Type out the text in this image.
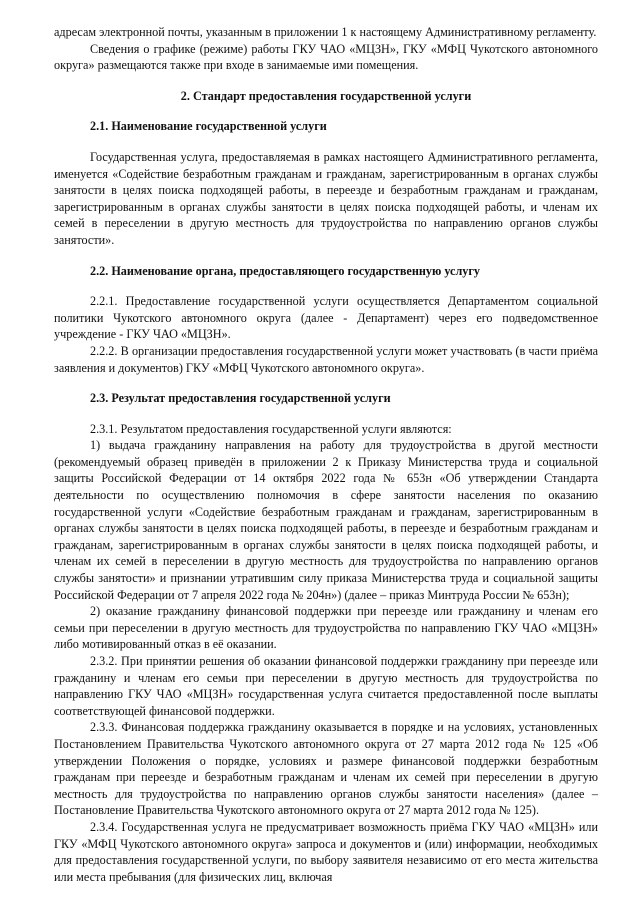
адресам электронной почты, указанным в приложении 1 к настоящему Административному регламенту.

Сведения о графике (режиме) работы ГКУ ЧАО «МЦЗН», ГКУ «МФЦ Чукотского автономного округа» размещаются также при входе в занимаемые ими помещения.

2. Стандарт предоставления государственной услуги

2.1. Наименование государственной услуги

Государственная услуга, предоставляемая в рамках настоящего Административного регламента, именуется «Содействие безработным гражданам и гражданам, зарегистрированным в органах службы занятости в целях поиска подходящей работы, в переезде и безработным гражданам и гражданам, зарегистрированным в органах службы занятости в целях поиска подходящей работы, и членам их семей в переселении в другую местность для трудоустройства по направлению органов службы занятости».

2.2. Наименование органа, предоставляющего государственную услугу

2.2.1. Предоставление государственной услуги осуществляется Департаментом социальной политики Чукотского автономного округа (далее - Департамент) через его подведомственное учреждение - ГКУ ЧАО «МЦЗН».

2.2.2. В организации предоставления государственной услуги может участвовать (в части приёма заявления и документов) ГКУ «МФЦ Чукотского автономного округа».

2.3. Результат предоставления государственной услуги

2.3.1. Результатом предоставления государственной услуги являются:

1) выдача гражданину направления на работу для трудоустройства в другой местности (рекомендуемый образец приведён в приложении 2 к Приказу Министерства труда и социальной защиты Российской Федерации от 14 октября 2022 года № 653н «Об утверждении Стандарта деятельности по осуществлению полномочия в сфере занятости населения по оказанию государственной услуги «Содействие безработным гражданам и гражданам, зарегистрированным в органах службы занятости в целях поиска подходящей работы, в переезде и безработным гражданам и гражданам, зарегистрированным в органах службы занятости в целях поиска подходящей работы, и членам их семей в переселении в другую местность для трудоустройства по направлению органов службы занятости» и признании утратившим силу приказа Министерства труда и социальной защиты Российской Федерации от 7 апреля 2022 года № 204н») (далее – приказ Минтруда России № 653н);

2) оказание гражданину финансовой поддержки при переезде или гражданину и членам его семьи при переселении в другую местность для трудоустройства по направлению ГКУ ЧАО «МЦЗН» либо мотивированный отказ в её оказании.

2.3.2. При принятии решения об оказании финансовой поддержки гражданину при переезде или гражданину и членам его семьи при переселении в другую местность для трудоустройства по направлению ГКУ ЧАО «МЦЗН» государственная услуга считается предоставленной после выплаты соответствующей финансовой поддержки.

2.3.3. Финансовая поддержка гражданину оказывается в порядке и на условиях, установленных Постановлением Правительства Чукотского автономного округа от 27 марта 2012 года № 125 «Об утверждении Положения о порядке, условиях и размере финансовой поддержки безработным гражданам при переезде и безработным гражданам и членам их семей при переселении в другую местность для трудоустройства по направлению органов службы занятости населения» (далее – Постановление Правительства Чукотского автономного округа от 27 марта 2012 года № 125).

2.3.4. Государственная услуга не предусматривает возможность приёма ГКУ ЧАО «МЦЗН» или ГКУ «МФЦ Чукотского автономного округа» запроса и документов и (или) информации, необходимых для предоставления государственной услуги, по выбору заявителя независимо от его места жительства или места пребывания (для физических лиц, включая
